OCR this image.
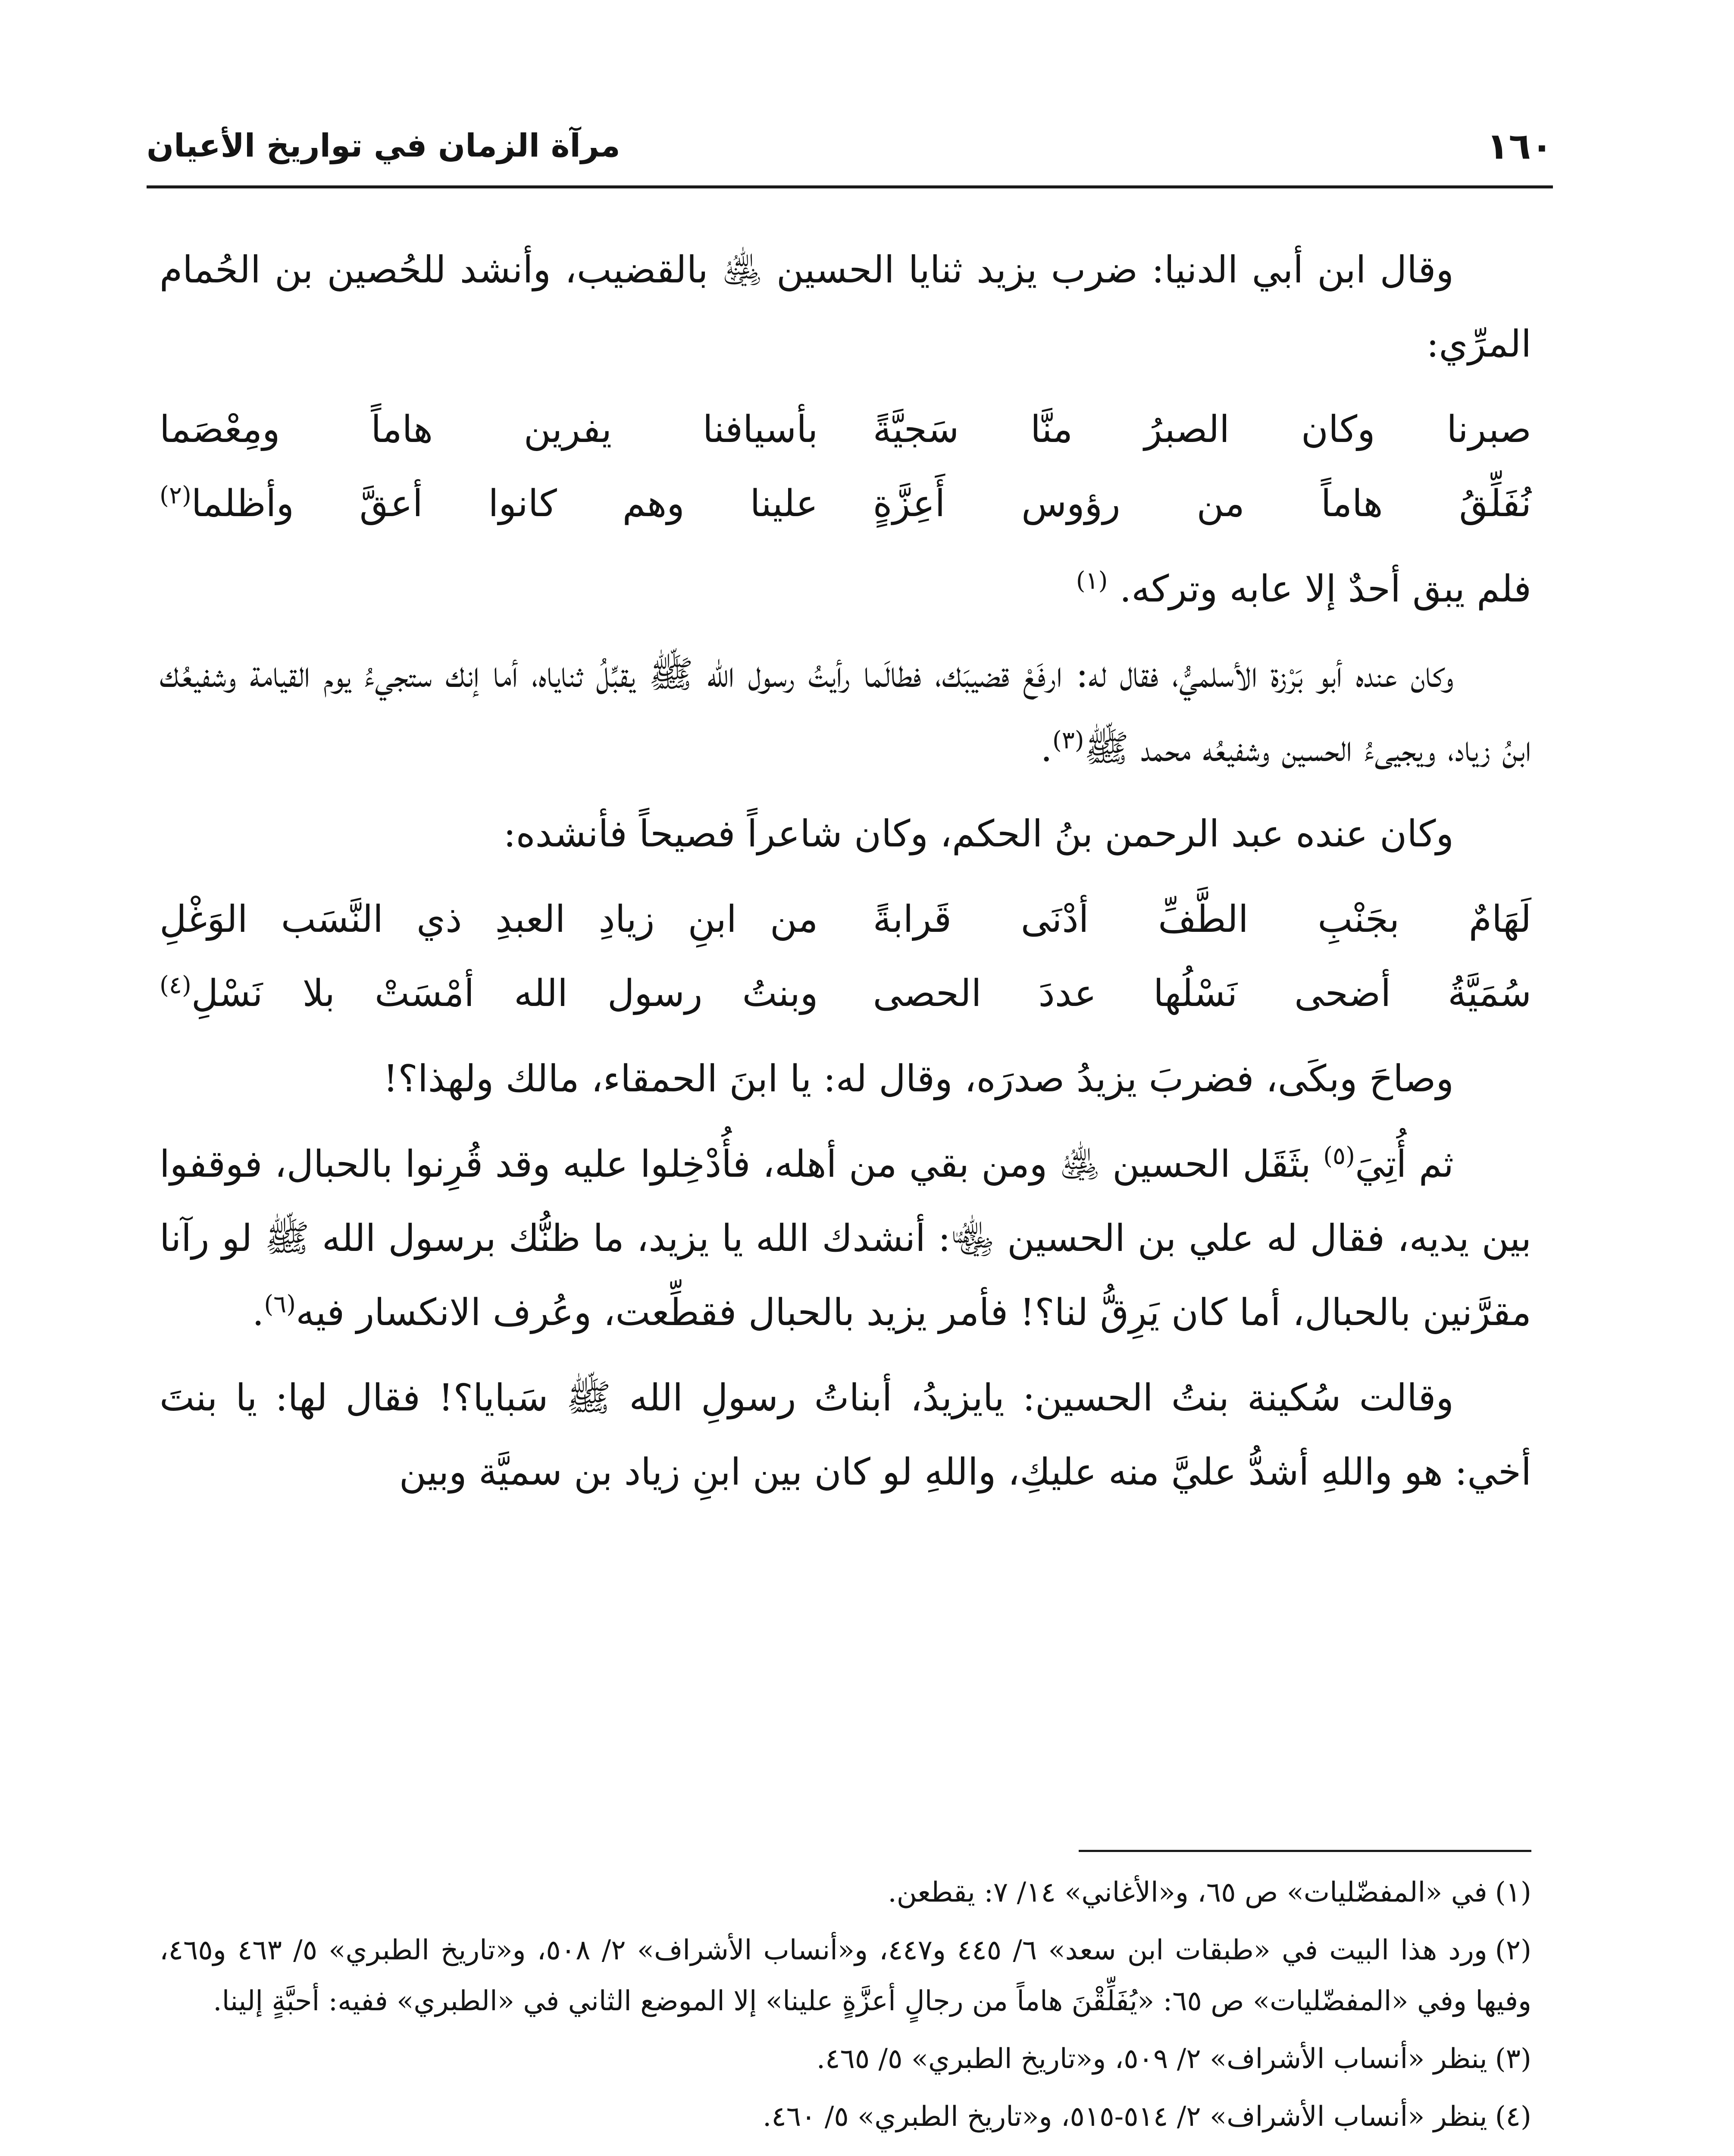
١٦٠
مرآة الزمان في تواريخ الأعيان

وقال ابن أبي الدنيا: ضرب يزيد ثنايا الحسين ﵁ بالقضيب، وأنشد للحُصين بن الحُمام المرِّي:

صبرنا وكان الصبرُ منَّا سَجيَّةً
بأسيافنا يفرين هاماً ومِعْصَما
نُفَلِّقُ هاماً من رؤوس أَعِزَّةٍ
علينا وهم كانوا أعقَّ وأظلما$^{(٢)}$

فلم يبق أحدٌ إلا عابه وتركه. $^{(١)}$

وكان عنده أبو بَرْزة الأسلميُّ، فقال له: ارفَعْ قضيبَك، فطالَما رأيتُ رسول الله ﷺ يقبِّلُ ثناياه، أما إنك ستجيءُ يوم القيامة وشفيعُك ابنُ زياد، ويجيىءُ الحسين وشفيعُه محمد ﷺ$^{(٣)}$.

وكان عنده عبد الرحمن بنُ الحكم، وكان شاعراً فصيحاً فأنشده:

لَهَامٌ بجَنْبِ الطَّفِّ أدْنَى قَرابةً
من ابنِ زيادِ العبدِ ذي النَّسَب الوَغْلِ
سُمَيَّةُ أضحى نَسْلُها عددَ الحصى
وبنتُ رسول الله أمْسَتْ بلا نَسْلِ$^{(٤)}$

وصاحَ وبكَى، فضربَ يزيدُ صدرَه، وقال له: يا ابنَ الحمقاء، مالك ولهذا؟!

ثم أُتِيَ$^{(٥)}$ بثَقَل الحسين ﵁ ومن بقي من أهله، فأُدْخِلوا عليه وقد قُرِنوا بالحبال، فوقفوا بين يديه، فقال له علي بن الحسين ﵄: أنشدك الله يا يزيد، ما ظنُّك برسول الله ﷺ لو رآنا مقرَّنين بالحبال، أما كان يَرِقُّ لنا؟! فأمر يزيد بالحبال فقطِّعت، وعُرف الانكسار فيه$^{(٦)}$.

وقالت سُكينة بنتُ الحسين: يايزيدُ، أبناتُ رسولِ الله ﷺ سَبايا؟! فقال لها: يا بنتَ أخي: هو واللهِ أشدُّ عليَّ منه عليكِ، واللهِ لو كان بين ابنِ زياد بن سميَّة وبين

(١)في «المفضّليات» ص ٦٥، و«الأغاني» ١٤/ ٧: يقطعن.
(٢)ورد هذا البيت في «طبقات ابن سعد» ٦/ ٤٤٥ و٤٤٧، و«أنساب الأشراف» ٢/ ٥٠٨، و«تاريخ الطبري» ٥/ ٤٦٣ و٤٦٥، وفيها وفي «المفضّليات» ص ٦٥: «يُفَلِّقْنَ هاماً من رجالٍ أعزَّةٍ علينا» إلا الموضع الثاني في «الطبري» ففيه: أحبَّةٍ إلينا.
(٣)ينظر «أنساب الأشراف» ٢/ ٥٠٩، و«تاريخ الطبري» ٥/ ٤٦٥.
(٤)ينظر «أنساب الأشراف» ٢/ ٥١٤-٥١٥، و«تاريخ الطبري» ٥/ ٤٦٠.
